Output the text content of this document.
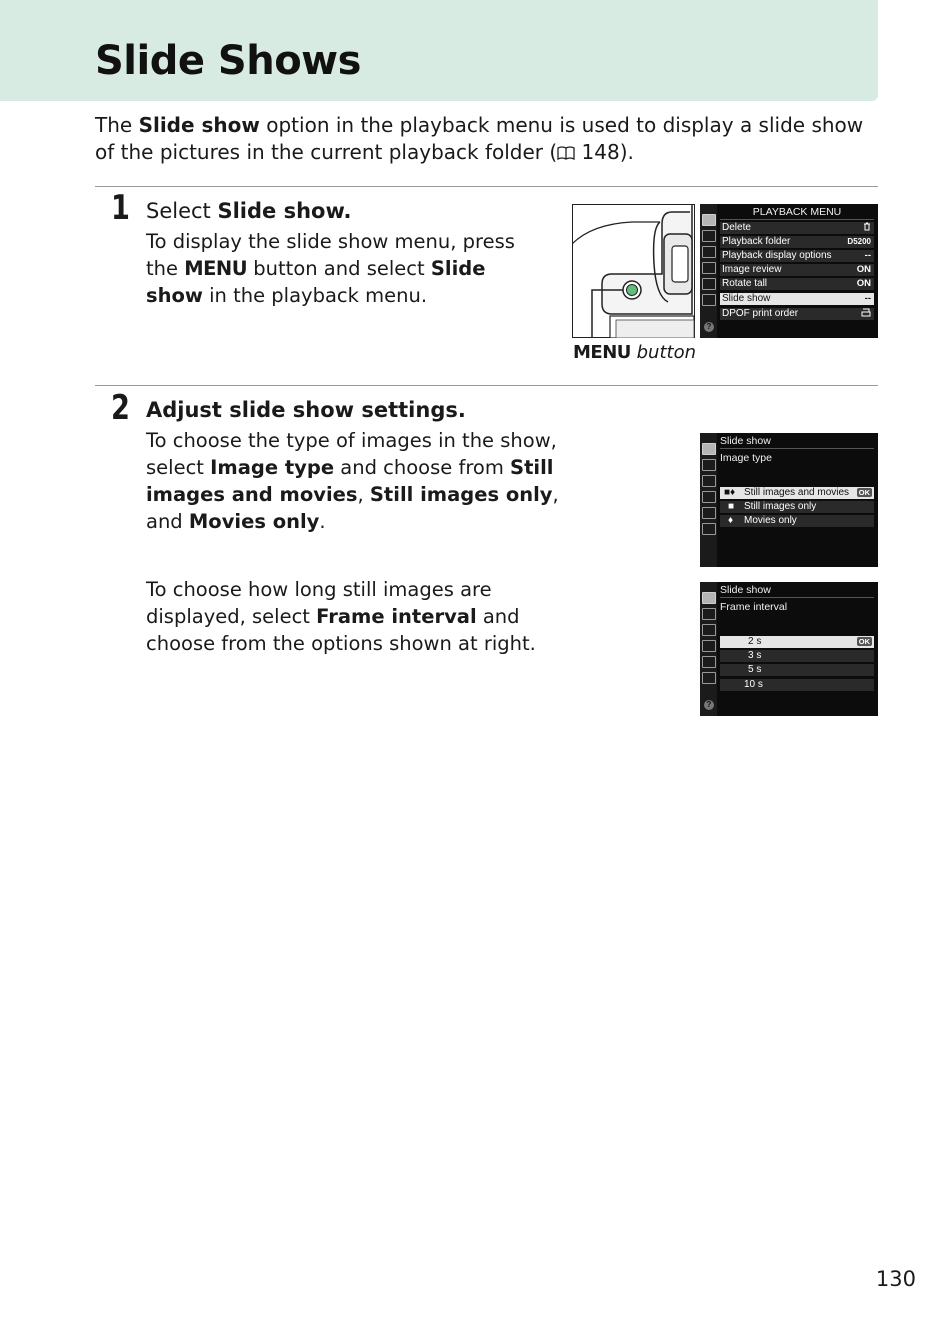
Slide Shows

The Slide show option in the playback menu is used to display a slide show of the pictures in the current playback folder ( 148).

1 Select Slide show.

To display the slide show menu, press the MENU button and select Slide show in the playback menu.

MENU button
?
PLAYBACK MENU
Delete
Playback folder	D5200
Playback display options	--
Image review	ON
Rotate tall	ON
Slide show	--
DPOF print order
2 Adjust slide show settings.

To choose the type of images in the show, select Image type and choose from Still images and movies, Still images only, and Movies only.

To choose how long still images are displayed, select Frame interval and choose from the options shown at right.

Slide show
Image type
■♦ Still images and movies OK
■ Still images only
♦ Movies only
?
Slide show
Frame interval
2 s	OK
3 s
5 s
10 s
130
